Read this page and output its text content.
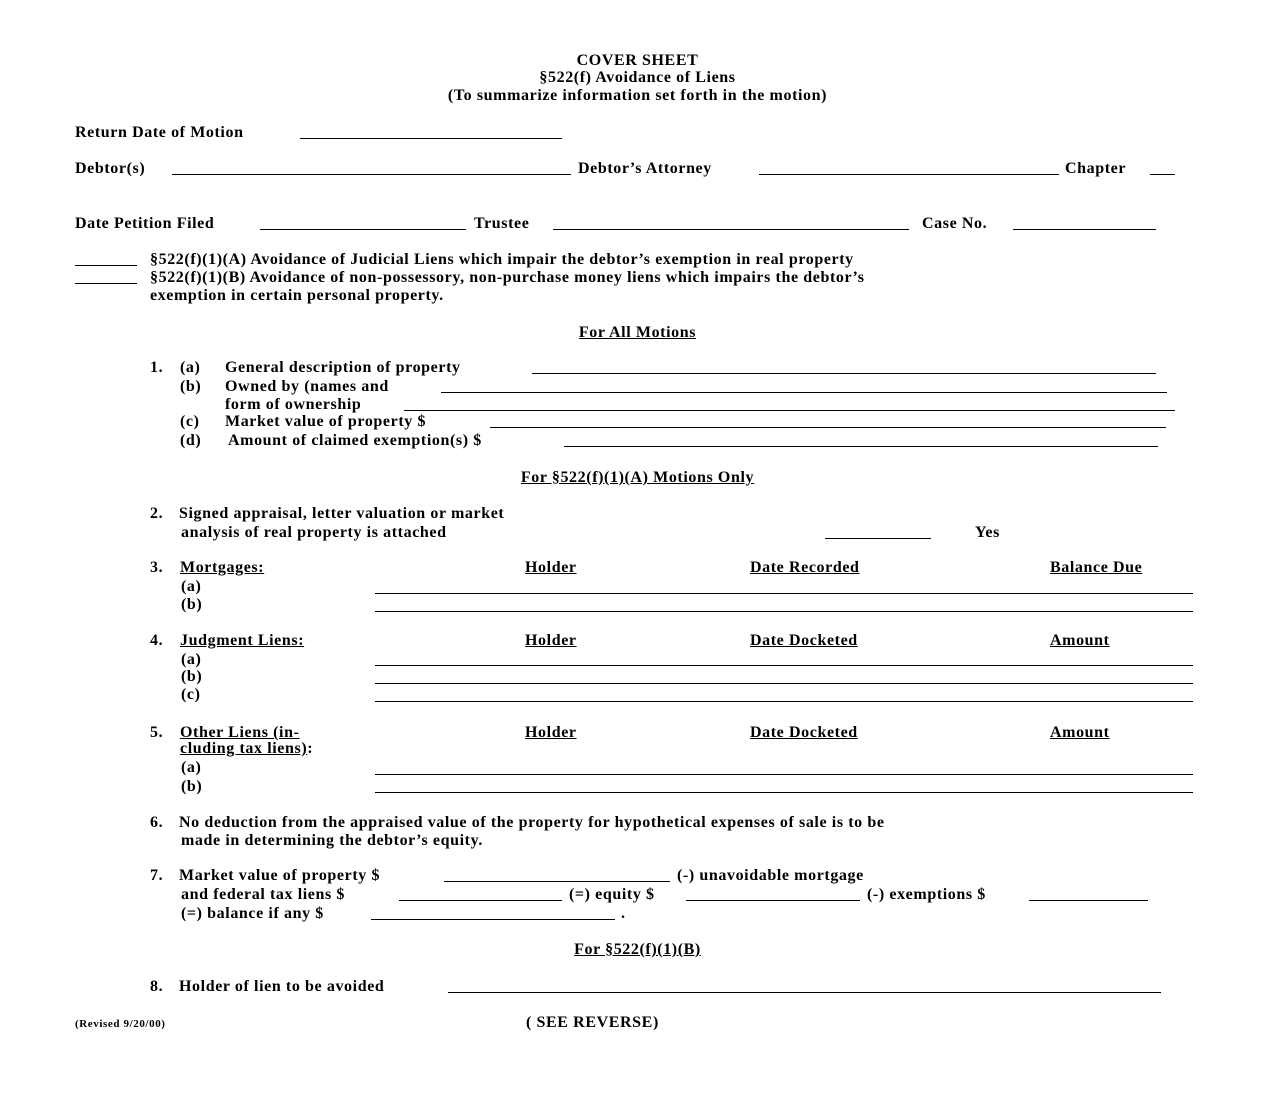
COVER SHEET
§522(f) Avoidance of Liens
(To summarize information set forth in the motion)
Return Date of Motion
Debtor(s)	Debtor’s Attorney	Chapter
Date Petition Filed	Trustee	Case No.
§522(f)(1)(A) Avoidance of Judicial Liens which impair the debtor’s exemption in real property
§522(f)(1)(B) Avoidance of non-possessory, non-purchase money liens which impairs the debtor’s
exemption in certain personal property.
For All Motions
1. (a) General description of property
(b) Owned by (names and
form of ownership
(c) Market value of property $
(d) Amount of claimed exemption(s) $
For §522(f)(1)(A) Motions Only
2. Signed appraisal, letter valuation or market
analysis of real property is attached	Yes
3. Mortgages:	Holder	Date Recorded	Balance Due
(a)
(b)
4. Judgment Liens:	Holder	Date Docketed	Amount
(a)
(b)
(c)
5. Other Liens (in-
cluding tax liens):
Holder	Date Docketed	Amount
(a)
(b)
6. No deduction from the appraised value of the property for hypothetical expenses of sale is to be
made in determining the debtor’s equity.
7. Market value of property $	(-) unavoidable mortgage
and federal tax liens $	(=) equity $	(-) exemptions $
(=) balance if any $	.
For §522(f)(1)(B)
8. Holder of lien to be avoided
(Revised 9/20/00)	( SEE REVERSE)
